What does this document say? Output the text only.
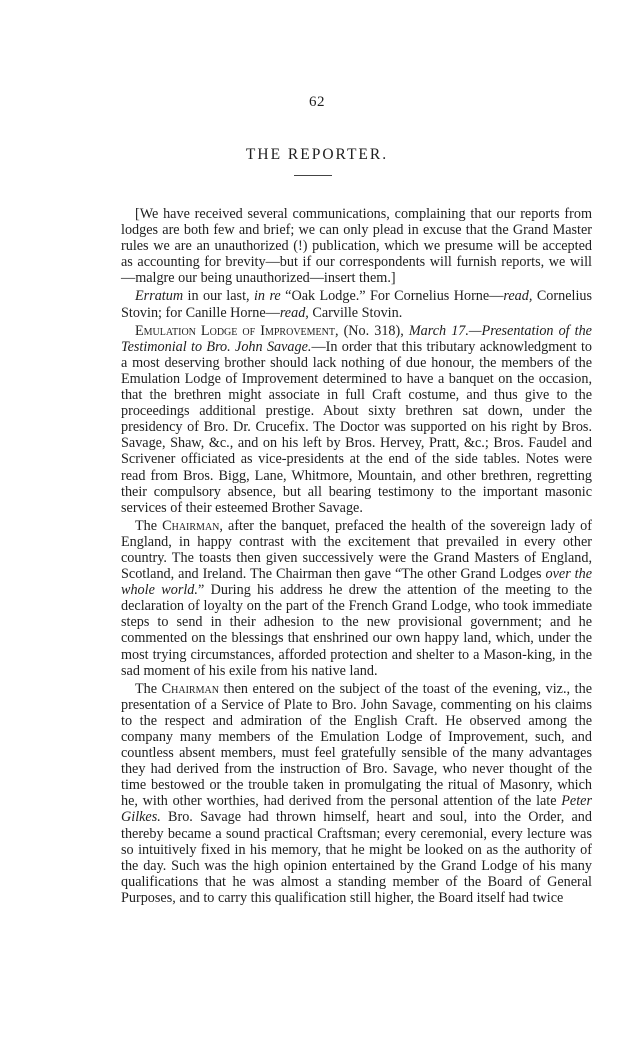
62
THE REPORTER.

[We have received several communications, complaining that our reports from lodges are both few and brief; we can only plead in excuse that the Grand Master rules we are an unauthorized (!) publication, which we presume will be accepted as accounting for brevity—but if our correspondents will furnish reports, we will—malgre our being unauthorized—insert them.]

Erratum in our last, in re “Oak Lodge.” For Cornelius Horne—read, Cornelius Stovin; for Canille Horne—read, Carville Stovin.

Emulation Lodge of Improvement, (No. 318), March 17.—Presentation of the Testimonial to Bro. John Savage.—In order that this tributary acknowledgment to a most deserving brother should lack nothing of due honour, the members of the Emulation Lodge of Improvement determined to have a banquet on the occasion, that the brethren might associate in full Craft costume, and thus give to the proceedings additional prestige. About sixty brethren sat down, under the presidency of Bro. Dr. Crucefix. The Doctor was supported on his right by Bros. Savage, Shaw, &c., and on his left by Bros. Hervey, Pratt, &c.; Bros. Faudel and Scrivener officiated as vice-presidents at the end of the side tables. Notes were read from Bros. Bigg, Lane, Whitmore, Mountain, and other brethren, regretting their compulsory absence, but all bearing testimony to the important masonic services of their esteemed Brother Savage.

The Chairman, after the banquet, prefaced the health of the sovereign lady of England, in happy contrast with the excitement that prevailed in every other country. The toasts then given successively were the Grand Masters of England, Scotland, and Ireland. The Chairman then gave “The other Grand Lodges over the whole world.” During his address he drew the attention of the meeting to the declaration of loyalty on the part of the French Grand Lodge, who took immediate steps to send in their adhesion to the new provisional government; and he commented on the blessings that enshrined our own happy land, which, under the most trying circumstances, afforded protection and shelter to a Mason-king, in the sad moment of his exile from his native land.

The Chairman then entered on the subject of the toast of the evening, viz., the presentation of a Service of Plate to Bro. John Savage, commenting on his claims to the respect and admiration of the English Craft. He observed among the company many members of the Emulation Lodge of Improvement, such, and countless absent members, must feel gratefully sensible of the many advantages they had derived from the instruction of Bro. Savage, who never thought of the time bestowed or the trouble taken in promulgating the ritual of Masonry, which he, with other worthies, had derived from the personal attention of the late Peter Gilkes. Bro. Savage had thrown himself, heart and soul, into the Order, and thereby became a sound practical Craftsman; every ceremonial, every lecture was so intuitively fixed in his memory, that he might be looked on as the authority of the day. Such was the high opinion entertained by the Grand Lodge of his many qualifications that he was almost a standing member of the Board of General Purposes, and to carry this qualification still higher, the Board itself had twice
